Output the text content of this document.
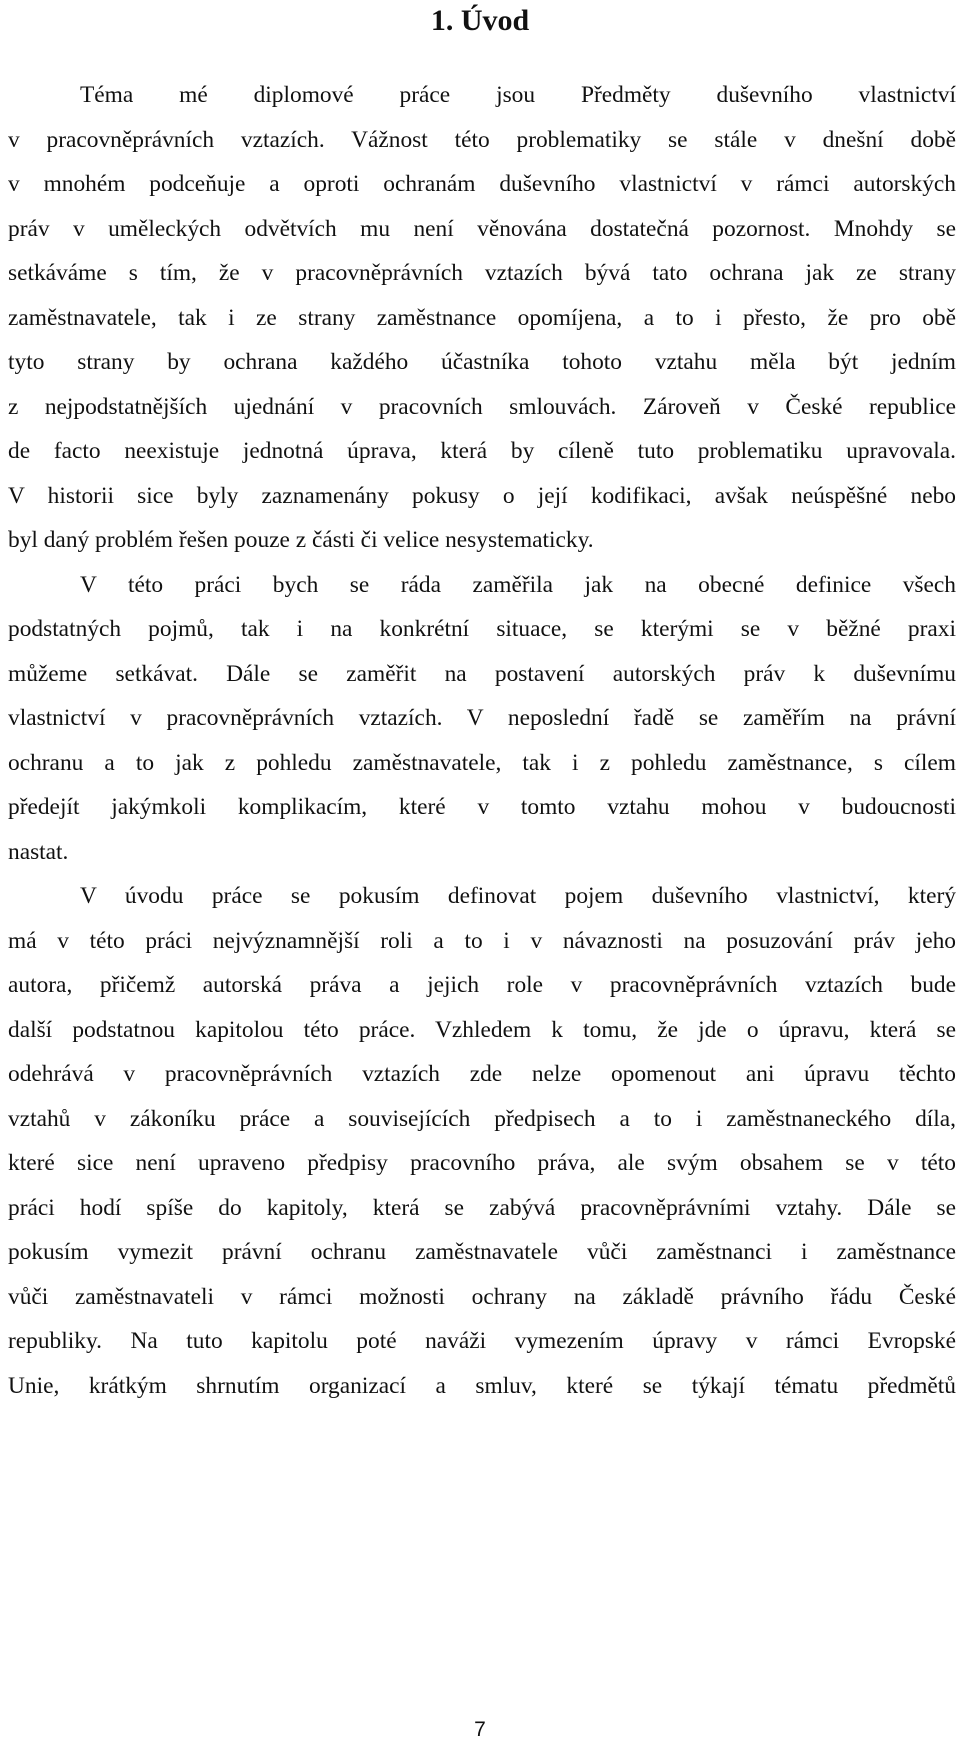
1. Úvod
Téma mé diplomové práce jsou Předměty duševního vlastnictví
v pracovněprávních vztazích. Vážnost této problematiky se stále v dnešní době
v mnohém podceňuje a oproti ochranám duševního vlastnictví v rámci autorských
práv v uměleckých odvětvích mu není věnována dostatečná pozornost. Mnohdy se
setkáváme s tím, že v pracovněprávních vztazích bývá tato ochrana jak ze strany
zaměstnavatele, tak i ze strany zaměstnance opomíjena, a to i přesto, že pro obě
tyto strany by ochrana každého účastníka tohoto vztahu měla být jedním
z nejpodstatnějších ujednání v pracovních smlouvách. Zároveň v České republice
de facto neexistuje jednotná úprava, která by cíleně tuto problematiku upravovala.
V historii sice byly zaznamenány pokusy o její kodifikaci, avšak neúspěšné nebo
byl daný problém řešen pouze z části či velice nesystematicky.
V této práci bych se ráda zaměřila jak na obecné definice všech
podstatných pojmů, tak i na konkrétní situace, se kterými se v běžné praxi
můžeme setkávat. Dále se zaměřit na postavení autorských práv k duševnímu
vlastnictví v pracovněprávních vztazích. V neposlední řadě se zaměřím na právní
ochranu a to jak z pohledu zaměstnavatele, tak i z pohledu zaměstnance, s cílem
předejít jakýmkoli komplikacím, které v tomto vztahu mohou v budoucnosti
nastat.
V úvodu práce se pokusím definovat pojem duševního vlastnictví, který
má v této práci nejvýznamnější roli a to i v návaznosti na posuzování práv jeho
autora, přičemž autorská práva a jejich role v pracovněprávních vztazích bude
další podstatnou kapitolou této práce. Vzhledem k tomu, že jde o úpravu, která se
odehrává v pracovněprávních vztazích zde nelze opomenout ani úpravu těchto
vztahů v zákoníku práce a souvisejících předpisech a to i zaměstnaneckého díla,
které sice není upraveno předpisy pracovního práva, ale svým obsahem se v této
práci hodí spíše do kapitoly, která se zabývá pracovněprávními vztahy. Dále se
pokusím vymezit právní ochranu zaměstnavatele vůči zaměstnanci i zaměstnance
vůči zaměstnavateli v rámci možnosti ochrany na základě právního řádu České
republiky. Na tuto kapitolu poté naváži vymezením úpravy v rámci Evropské
Unie, krátkým shrnutím organizací a smluv, které se týkají tématu předmětů
7
